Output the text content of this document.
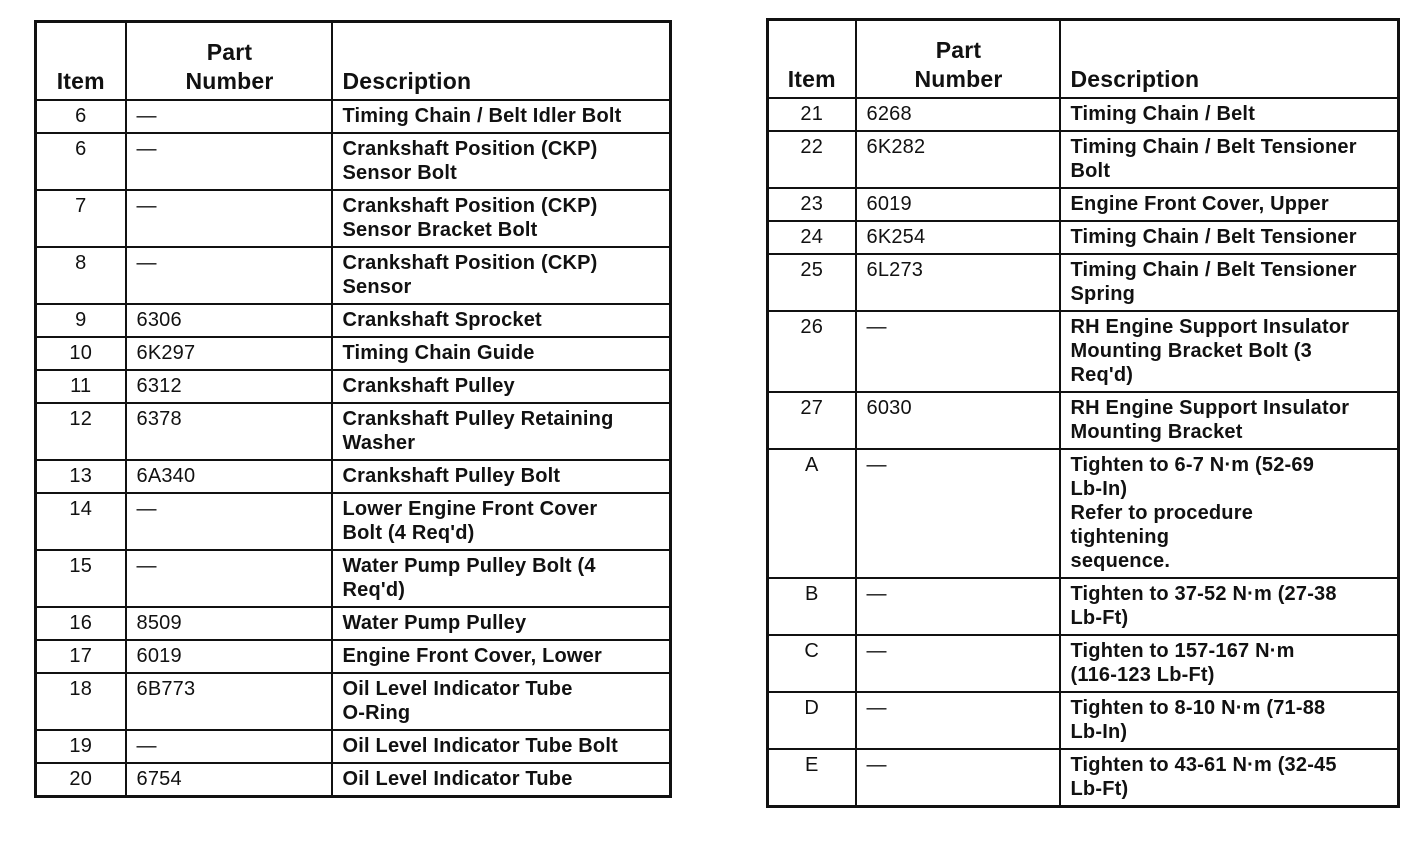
Item	Part
Number	Description
6	—	Timing Chain / Belt Idler Bolt
6	—	Crankshaft Position (CKP)
Sensor Bolt
7	—	Crankshaft Position (CKP)
Sensor Bracket Bolt
8	—	Crankshaft Position (CKP)
Sensor
9	6306	Crankshaft Sprocket
10	6K297	Timing Chain Guide
11	6312	Crankshaft Pulley
12	6378	Crankshaft Pulley Retaining
Washer
13	6A340	Crankshaft Pulley Bolt
14	—	Lower Engine Front Cover
Bolt (4 Req'd)
15	—	Water Pump Pulley Bolt (4
Req'd)
16	8509	Water Pump Pulley
17	6019	Engine Front Cover, Lower
18	6B773	Oil Level Indicator Tube
O-Ring
19	—	Oil Level Indicator Tube Bolt
20	6754	Oil Level Indicator Tube
Item	Part
Number	Description
21	6268	Timing Chain / Belt
22	6K282	Timing Chain / Belt Tensioner
Bolt
23	6019	Engine Front Cover, Upper
24	6K254	Timing Chain / Belt Tensioner
25	6L273	Timing Chain / Belt Tensioner
Spring
26	—	RH Engine Support Insulator
Mounting Bracket Bolt (3
Req'd)
27	6030	RH Engine Support Insulator
Mounting Bracket
A	—	Tighten to 6-7 N·m (52-69
Lb-In)
Refer to procedure
tightening
sequence.
B	—	Tighten to 37-52 N·m (27-38
Lb-Ft)
C	—	Tighten to 157-167 N·m
(116-123 Lb-Ft)
D	—	Tighten to 8-10 N·m (71-88
Lb-In)
E	—	Tighten to 43-61 N·m (32-45
Lb-Ft)
